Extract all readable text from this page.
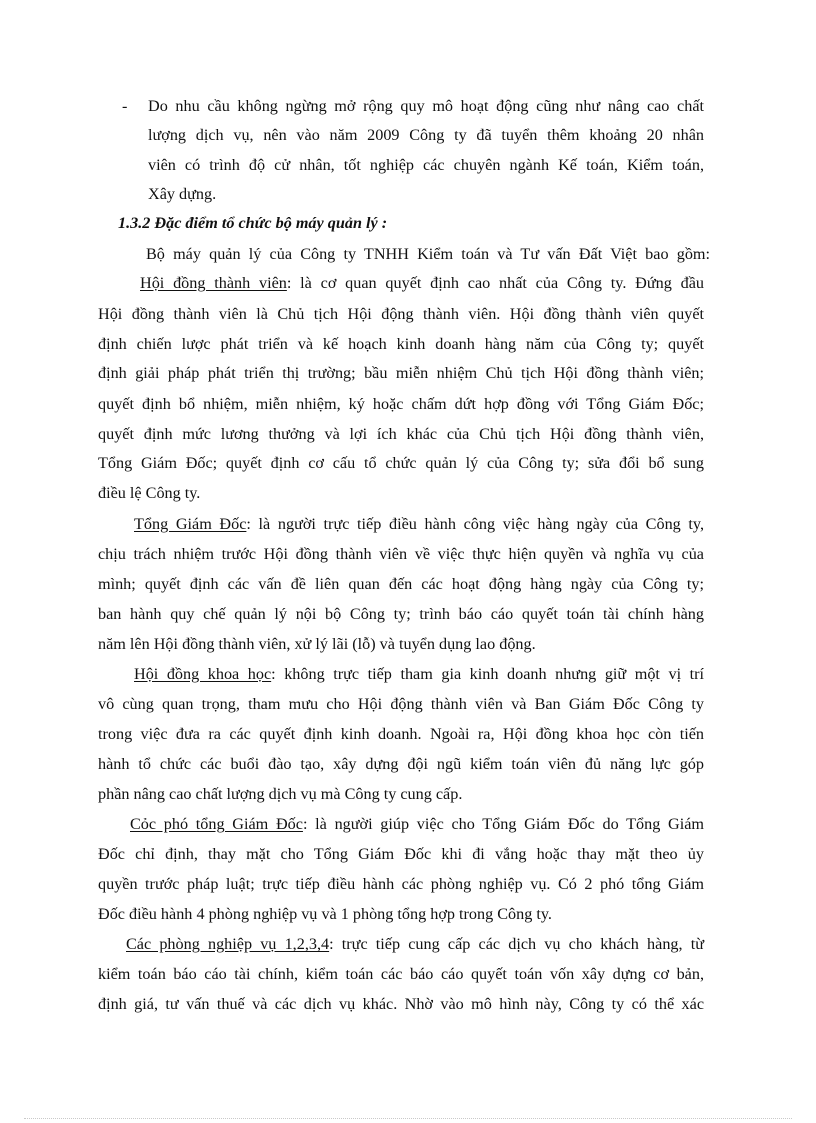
- Do nhu cầu không ngừng mở rộng quy mô hoạt động cũng như nâng cao chất
lượng dịch vụ, nên vào năm 2009 Công ty đã tuyển thêm khoảng 20 nhân
viên có trình độ cử nhân, tốt nghiệp các chuyên ngành Kế toán, Kiểm toán,
Xây dựng.
1.3.2 Đặc điểm tổ chức bộ máy quản lý :
Bộ máy quản lý của Công ty TNHH Kiểm toán và Tư vấn Đất Việt bao gồm:
Hội đồng thành viên: là cơ quan quyết định cao nhất của Công ty. Đứng đầu
Hội đồng thành viên là Chủ tịch Hội động thành viên. Hội đồng thành viên quyết
định chiến lược phát triển và kế hoạch kinh doanh hàng năm của Công ty; quyết
định giải pháp phát triển thị trường; bầu miễn nhiệm Chủ tịch Hội đồng thành viên;
quyết định bổ nhiệm, miễn nhiệm, ký hoặc chấm dứt hợp đồng với Tổng Giám Đốc;
quyết định mức lương thưởng và lợi ích khác của Chủ tịch Hội đồng thành viên,
Tổng Giám Đốc; quyết định cơ cấu tổ chức quản lý của Công ty; sửa đổi bổ sung
điều lệ Công ty.
Tổng Giám Đốc: là người trực tiếp điều hành công việc hàng ngày của Công ty,
chịu trách nhiệm trước Hội đồng thành viên về việc thực hiện quyền và nghĩa vụ của
mình; quyết định các vấn đề liên quan đến các hoạt động hàng ngày của Công ty;
ban hành quy chế quản lý nội bộ Công ty; trình báo cáo quyết toán tài chính hàng
năm lên Hội đồng thành viên, xử lý lãi (lỗ) và tuyển dụng lao động.
Hội đồng khoa học: không trực tiếp tham gia kinh doanh nhưng giữ một vị trí
vô cùng quan trọng, tham mưu cho Hội động thành viên và Ban Giám Đốc Công ty
trong việc đưa ra các quyết định kinh doanh. Ngoài ra, Hội đồng khoa học còn tiến
hành tổ chức các buổi đào tạo, xây dựng đội ngũ kiểm toán viên đủ năng lực góp
phần nâng cao chất lượng dịch vụ mà Công ty cung cấp.
Cỏc phó tổng Giám Đốc: là người giúp việc cho Tổng Giám Đốc do Tổng Giám
Đốc chỉ định, thay mặt cho Tổng Giám Đốc khi đi vắng hoặc thay mặt theo ủy
quyền trước pháp luật; trực tiếp điều hành các phòng nghiệp vụ. Có 2 phó tổng Giám
Đốc điều hành 4 phòng nghiệp vụ và 1 phòng tổng hợp trong Công ty.
Các phòng nghiệp vụ 1,2,3,4: trực tiếp cung cấp các dịch vụ cho khách hàng, từ
kiểm toán báo cáo tài chính, kiểm toán các báo cáo quyết toán vốn xây dựng cơ bản,
định giá, tư vấn thuế và các dịch vụ khác. Nhờ vào mô hình này, Công ty có thể xác
